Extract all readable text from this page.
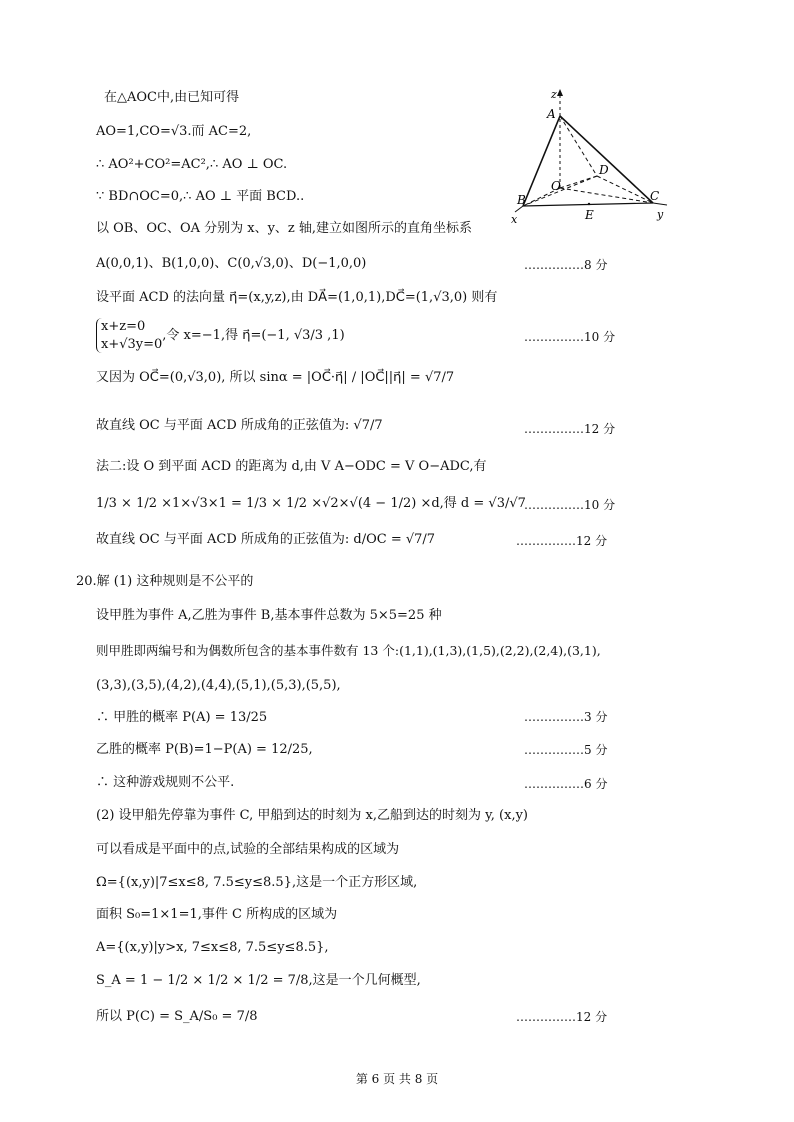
z
A
D
O
B	C
E
x	y
在△AOC中,由已知可得
AO=1,CO=√3.而 AC=2,
∴ AO²+CO²=AC²,∴ AO ⊥ OC.
∵ BD∩OC=0,∴ AO ⊥ 平面 BCD..
以 OB、OC、OA 分别为 x、y、z 轴,建立如图所示的直角坐标系
A(0,0,1)、B(1,0,0)、C(0,√3,0)、D(−1,0,0)
设平面 ACD 的法向量 η⃗=(x,y,z),由 DA⃗=(1,0,1),DC⃗=(1,√3,0) 则有
x+z=0
x+√3y=0,令 x=−1,得 η⃗=(−1, √3/3 ,1)
又因为 OC⃗=(0,√3,0), 所以 sinα = |OC⃗·η⃗| / |OC⃗||η⃗| = √7/7
故直线 OC 与平面 ACD 所成角的正弦值为: √7/7
法二:设 O 到平面 ACD 的距离为 d,由 V A−ODC = V O−ADC,有
1/3 × 1/2 ×1×√3×1 = 1/3 × 1/2 ×√2×√(4 − 1/2) ×d,得 d = √3/√7
故直线 OC 与平面 ACD 所成角的正弦值为: d/OC = √7/7
20.解 (1) 这种规则是不公平的
设甲胜为事件 A,乙胜为事件 B,基本事件总数为 5×5=25 种
则甲胜即两编号和为偶数所包含的基本事件数有 13 个:(1,1),(1,3),(1,5),(2,2),(2,4),(3,1),
(3,3),(3,5),(4,2),(4,4),(5,1),(5,3),(5,5),
∴ 甲胜的概率 P(A) = 13/25
乙胜的概率 P(B)=1−P(A) = 12/25,
∴ 这种游戏规则不公平.
(2) 设甲船先停靠为事件 C, 甲船到达的时刻为 x,乙船到达的时刻为 y, (x,y)
可以看成是平面中的点,试验的全部结果构成的区域为
Ω={(x,y)|7≤x≤8, 7.5≤y≤8.5},这是一个正方形区域,
面积 S₀=1×1=1,事件 C 所构成的区域为
A={(x,y)|y>x, 7≤x≤8, 7.5≤y≤8.5},
S_A = 1 − 1/2 × 1/2 × 1/2 = 7/8,这是一个几何概型,
所以 P(C) = S_A/S₀ = 7/8
……………8 分
……………10 分
……………12 分
……………10 分
……………12 分
……………3 分
……………5 分
……………6 分
……………12 分
第 6 页 共 8 页
